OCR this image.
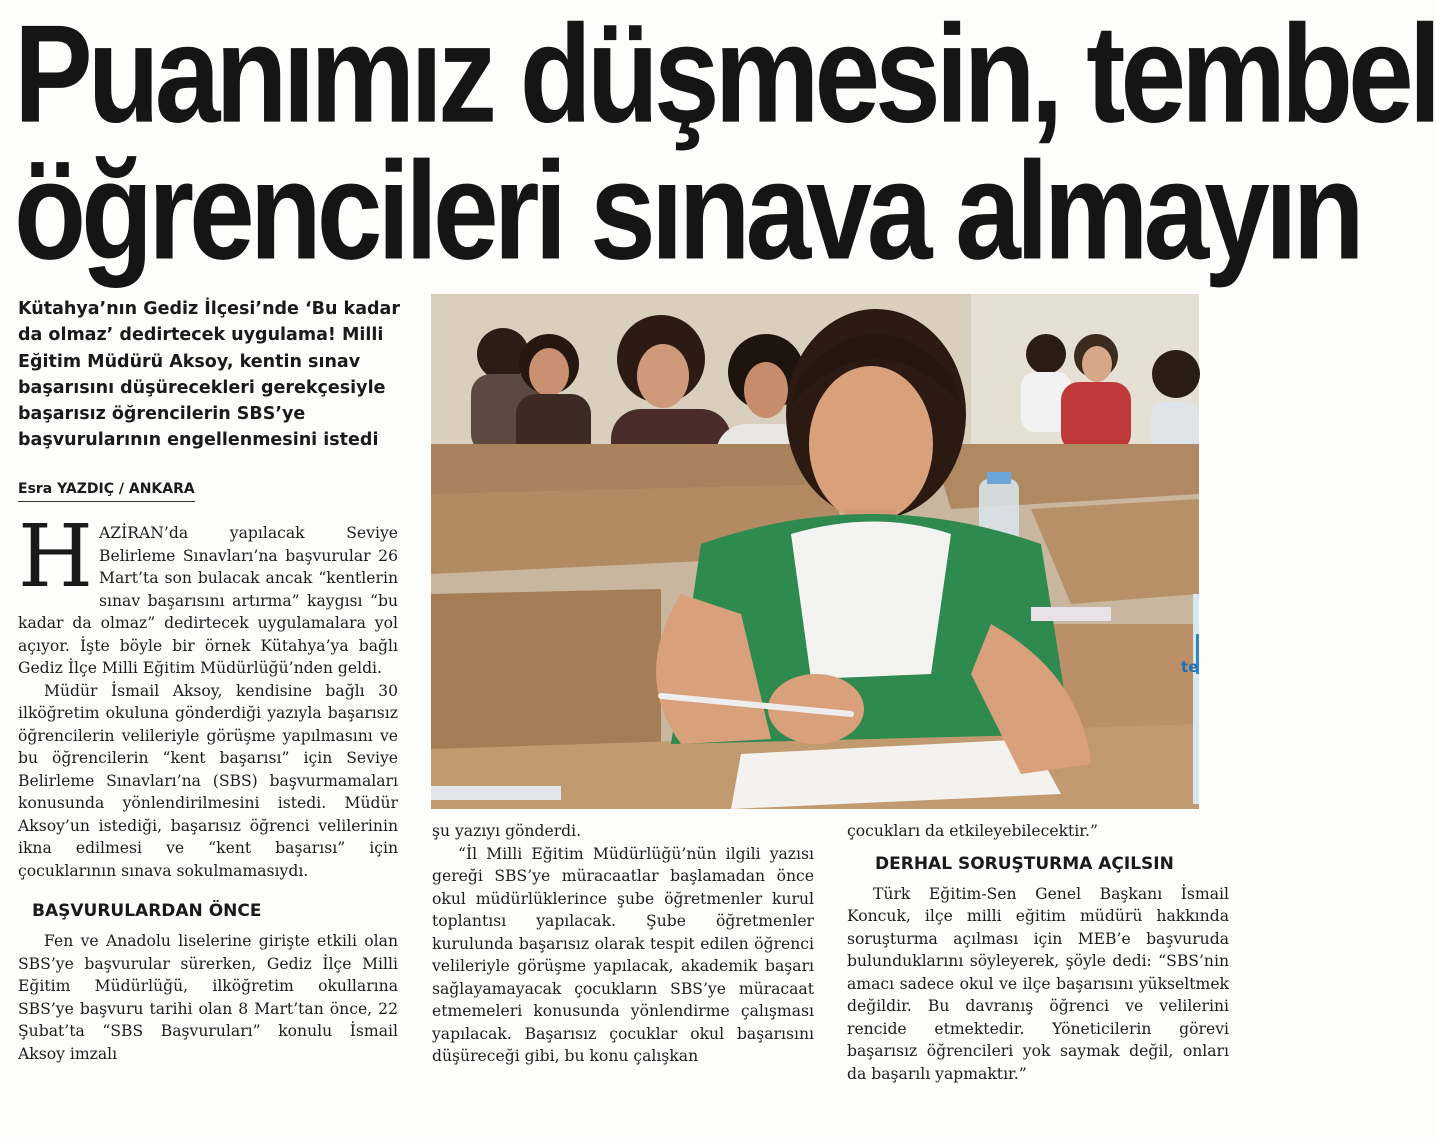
Puanımız düşmesin, tembel
öğrencileri sınava almayın

Kütahya’nın Gediz İlçesi’nde ‘Bu kadar da olmaz’ dedirtecek uygulama! Milli Eğitim Müdürü Aksoy, kentin sınav başarısını düşürecekleri gerekçesiyle başarısız öğrencilerin SBS’ye başvurularının engellenmesini istedi

Esra YAZDIÇ / ANKARA
te
H AZİRAN’da yapılacak Seviye Belirleme Sınavları’na başvurular 26 Mart’ta son bulacak ancak “kentlerin sınav başarısını artırma” kaygısı “bu kadar da olmaz” dedirtecek uygulamalara yol açıyor. İşte böyle bir örnek Kütahya’ya bağlı Gediz İlçe Milli Eğitim Müdürlüğü’nden geldi.

Müdür İsmail Aksoy, kendisine bağlı 30 ilköğretim okuluna gönderdiği yazıyla başarısız öğrencilerin velileriyle görüşme yapılmasını ve bu öğrencilerin “kent başarısı” için Seviye Belirleme Sınavları’na (SBS) başvurmamaları konusunda yönlendirilmesini istedi. Müdür Aksoy’un istediği, başarısız öğrenci velilerinin ikna edilmesi ve “kent başarısı” için çocuklarının sınava sokulmamasıydı.

BAŞVURULARDAN ÖNCE

Fen ve Anadolu liselerine girişte etkili olan SBS’ye başvurular sürerken, Gediz İlçe Milli Eğitim Müdürlüğü, ilköğretim okullarına SBS’ye başvuru tarihi olan 8 Mart’tan önce, 22 Şubat’ta “SBS Başvuruları” konulu İsmail Aksoy imzalı

şu yazıyı gönderdi.

“İl Milli Eğitim Müdürlüğü’nün ilgili yazısı gereği SBS’ye müracaatlar başlamadan önce okul müdürlüklerince şube öğretmenler kurul toplantısı yapılacak. Şube öğretmenler kurulunda başarısız olarak tespit edilen öğrenci velileriyle görüşme yapılacak, akademik başarı sağlayamayacak çocukların SBS’ye müracaat etmemeleri konusunda yönlendirme çalışması yapılacak. Başarısız çocuklar okul başarısını düşüreceği gibi, bu konu çalışkan

çocukları da etkileyebilecektir.”

DERHAL SORUŞTURMA AÇILSIN

Türk Eğitim-Sen Genel Başkanı İsmail Koncuk, ilçe milli eğitim müdürü hakkında soruşturma açılması için MEB’e başvuruda bulunduklarını söyleyerek, şöyle dedi: “SBS’nin amacı sadece okul ve ilçe başarısını yükseltmek değildir. Bu davranış öğrenci ve velilerini rencide etmektedir. Yöneticilerin görevi başarısız öğrencileri yok saymak değil, onları da başarılı yapmaktır.”
